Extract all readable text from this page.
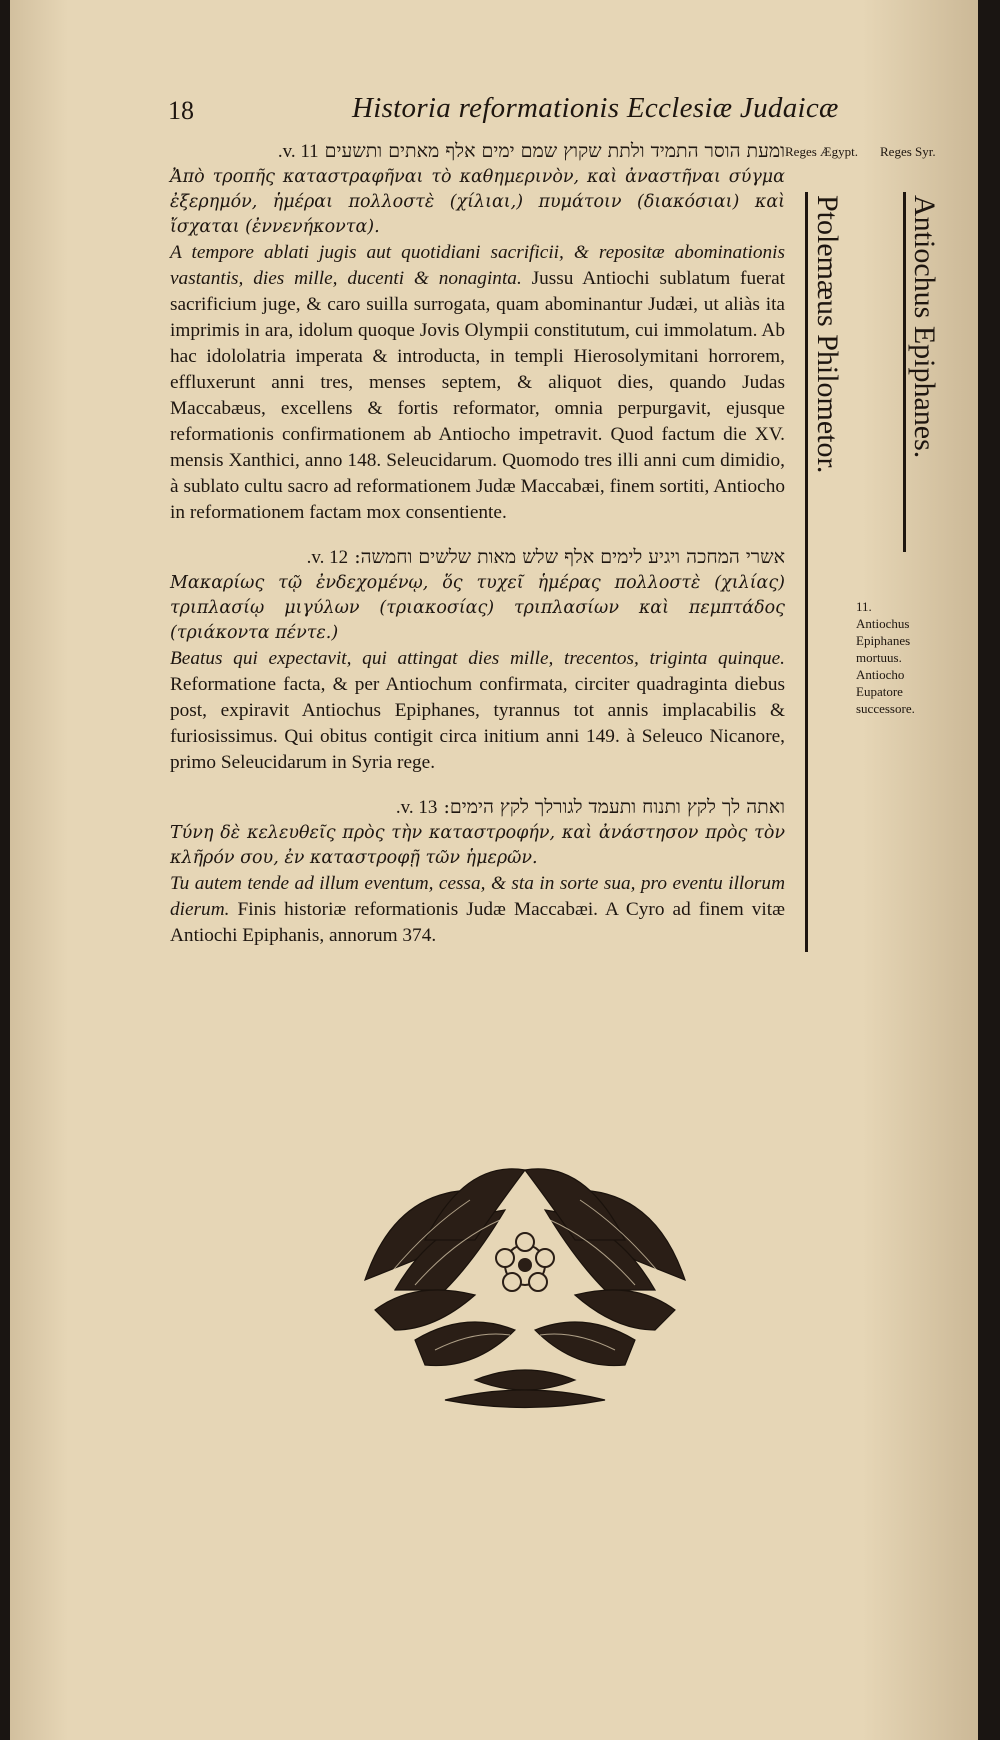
18	Historia reformationis Ecclesiæ Judaicæ
Reges Ægypt. Reges Syr.

ומעת הוסר התמיד ולתת שקוץ שמם ימים אלף מאתים ותשעים v. 11.

Ἀπὸ τροπῆς καταστραφῆναι τὸ καθημερινὸν, καὶ ἀναστῆναι σύγμα ἐξερημόν, ἡμέραι πολλοστὲ (χίλιαι,) πυμάτοιν (διακόσιαι) καὶ ἴσχαται (ἐννενήκοντα).

A tempore ablati jugis aut quotidiani sacrificii, & repositæ abominationis vastantis, dies mille, ducenti & nonaginta. Jussu Antiochi sublatum fuerat sacrificium juge, & caro suilla surrogata, quam abominantur Judæi, ut aliàs ita imprimis in ara, idolum quoque Jovis Olympii constitutum, cui immolatum. Ab hac idololatria imperata & introducta, in templi Hierosolymitani horrorem, effluxerunt anni tres, menses septem, & aliquot dies, quando Judas Maccabæus, excellens & fortis reformator, omnia perpurgavit, ejusque reformationis confirmationem ab Antiocho impetravit. Quod factum die XV. mensis Xanthici, anno 148. Seleucidarum. Quomodo tres illi anni cum dimidio, à sublato cultu sacro ad reformationem Judæ Maccabæi, finem sortiti, Antiocho in reformationem factam mox consentiente.

אשרי המחכה ויגיע לימים אלף שלש מאות שלשים וחמשה: v. 12.

Μακαρίως τῷ ἐνδεχομένῳ, ὅς τυχεῖ ἡμέρας πολλοστὲ (χιλίας) τριπλασίῳ μιγύλων (τριακοσίας) τριπλασίων καὶ πεμπτάδος (τριάκοντα πέντε.)

Beatus qui expectavit, qui attingat dies mille, trecentos, triginta quinque. Reformatione facta, & per Antiochum confirmata, circiter quadraginta diebus post, expiravit Antiochus Epiphanes, tyrannus tot annis implacabilis & furiosissimus. Qui obitus contigit circa initium anni 149. à Seleuco Nicanore, primo Seleucidarum in Syria rege.

ואתה לך לקץ ותנוח ותעמד לגורלך לקץ הימים: v. 13.

Τύνη δὲ κελευθεῖς πρὸς τὴν καταστροφήν, καὶ ἀνάστησον πρὸς τὸν κλῆρόν σου, ἐν καταστροφῇ τῶν ἡμερῶν.

Tu autem tende ad illum eventum, cessa, & sta in sorte sua, pro eventu illorum dierum. Finis historiæ reformationis Judæ Maccabæi. A Cyro ad finem vitæ Antiochi Epiphanis, annorum 374.

Ptolemæus Philometor. Antiochus Epiphanes.
11.
Antiochus Epiphanes mortuus. Antiocho Eupatore successore.
